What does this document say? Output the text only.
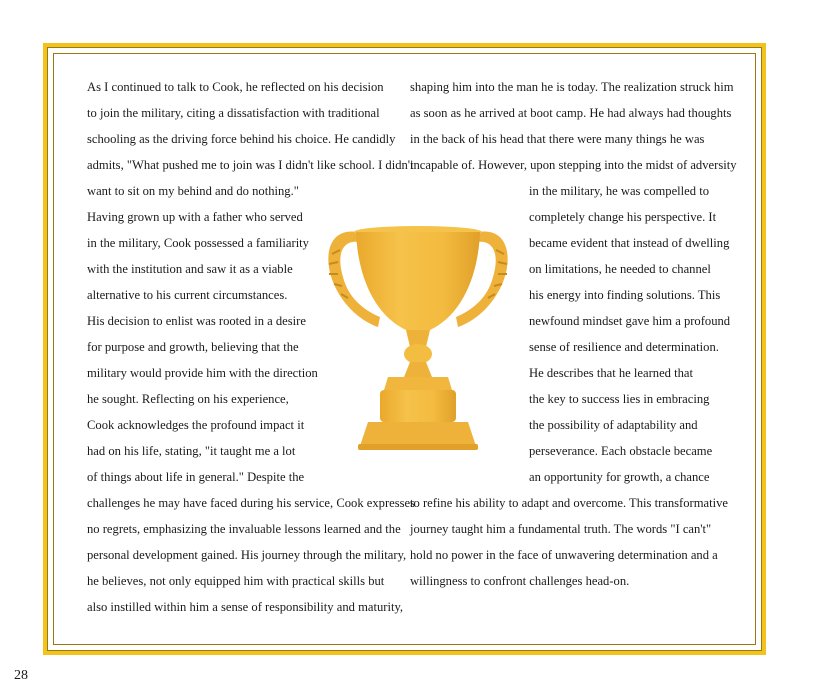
As I continued to talk to Cook, he reflected on his decision
to join the military, citing a dissatisfaction with traditional
schooling as the driving force behind his choice. He candidly
admits, "What pushed me to join was I didn't like school. I didn't
want to sit on my behind and do nothing."
Having grown up with a father who served
in the military, Cook possessed a familiarity
with the institution and saw it as a viable
alternative to his current circumstances.
His decision to enlist was rooted in a desire
for purpose and growth, believing that the
military would provide him with the direction
he sought. Reflecting on his experience,
Cook acknowledges the profound impact it
had on his life, stating, "it taught me a lot
of things about life in general." Despite the
challenges he may have faced during his service, Cook expresses
no regrets, emphasizing the invaluable lessons learned and the
personal development gained. His journey through the military,
he believes, not only equipped him with practical skills but
also instilled within him a sense of responsibility and maturity,
shaping him into the man he is today. The realization struck him
as soon as he arrived at boot camp. He had always had thoughts
in the back of his head that there were many things he was
incapable of. However, upon stepping into the midst of adversity
in the military, he was compelled to
completely change his perspective. It
became evident that instead of dwelling
on limitations, he needed to channel
his energy into finding solutions. This
newfound mindset gave him a profound
sense of resilience and determination.
He describes that he learned that
the key to success lies in embracing
the possibility of adaptability and
perseverance. Each obstacle became
an opportunity for growth, a chance
to refine his ability to adapt and overcome. This transformative
journey taught him a fundamental truth. The words "I can't"
hold no power in the face of unwavering determination and a
willingness to confront challenges head-on.
28
